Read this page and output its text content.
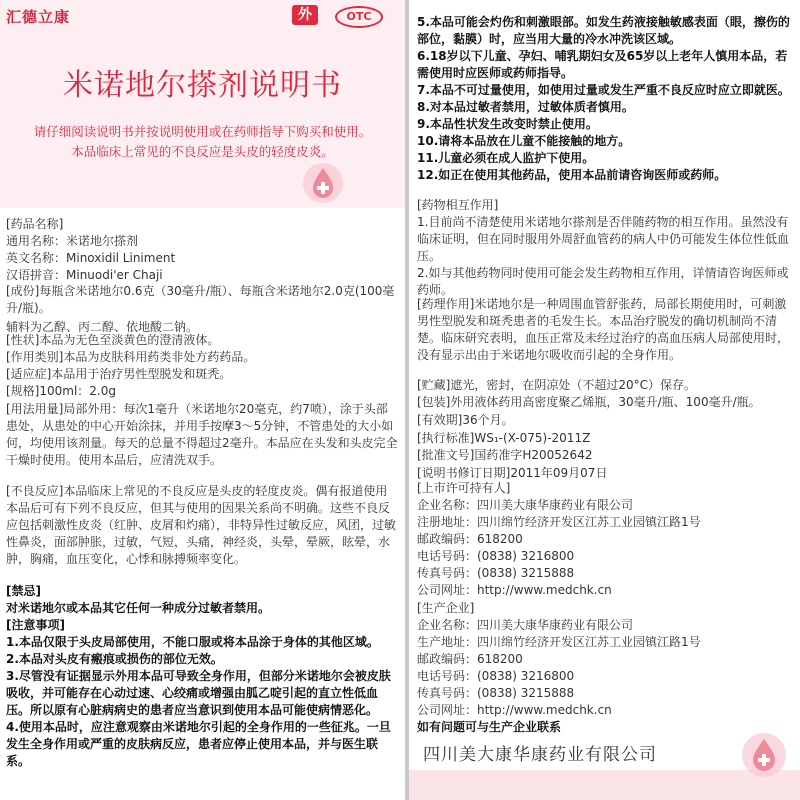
汇德立康	外	OTC
米诺地尔搽剂说明书
请仔细阅读说明书并按说明使用或在药师指导下购买和使用。
本品临床上常见的不良反应是头皮的轻度皮炎。
[药品名称]
通用名称：米诺地尔搽剂
英文名称：Minoxidil Liniment
汉语拼音：Minuodi'er Chaji
[成份]每瓶含米诺地尔0.6克（30毫升/瓶）、每瓶含米诺地尔2.0克(100毫升/瓶)。
辅料为乙醇、丙二醇、依地酸二钠。
[性状]本品为无色至淡黄色的澄清液体。
[作用类别]本品为皮肤科用药类非处方药药品。
[适应症]本品用于治疗男性型脱发和斑秃。
[规格]100ml：2.0g
[用法用量]局部外用：每次1毫升（米诺地尔20毫克，约7喷），涂于头部患处，从患处的中心开始涂抹，并用手按摩3～5分钟，不管患处的大小如何，均使用该剂量。每天的总量不得超过2毫升。本品应在头发和头皮完全干燥时使用。使用本品后，应清洗双手。
[不良反应]本品临床上常见的不良反应是头皮的轻度皮炎。偶有报道使用本品后可有下列不良反应，但其与使用的因果关系尚不明确。这些不良反应包括刺激性皮炎（红肿、皮屑和灼痛），非特异性过敏反应，风团，过敏性鼻炎，面部肿胀，过敏，气短，头痛，神经炎，头晕，晕厥，眩晕，水肿，胸痛，血压变化，心悸和脉搏频率变化。
[禁忌]
对米诺地尔或本品其它任何一种成分过敏者禁用。
[注意事项]
1.本品仅限于头皮局部使用，不能口服或将本品涂于身体的其他区域。
2.本品对头皮有瘢痕或损伤的部位无效。
3.尽管没有证据显示外用本品可导致全身作用，但部分米诺地尔会被皮肤吸收，并可能存在心动过速、心绞痛或增强由胍乙啶引起的直立性低血压。所以原有心脏病病史的患者应当意识到使用本品可能使病情恶化。
4.使用本品时，应注意观察由米诺地尔引起的全身作用的一些征兆。一旦发生全身作用或严重的皮肤病反应，患者应停止使用本品，并与医生联系。
5.本品可能会灼伤和刺激眼部。如发生药液接触敏感表面（眼，擦伤的部位，黏膜）时，应当用大量的冷水冲洗该区域。
6.18岁以下儿童、孕妇、哺乳期妇女及65岁以上老年人慎用本品，若需使用时应医师或药师指导。
7.本品不可过量使用，如使用过量或发生严重不良反应时应立即就医。
8.对本品过敏者禁用，过敏体质者慎用。
9.本品性状发生改变时禁止使用。
10.请将本品放在儿童不能接触的地方。
11.儿童必须在成人监护下使用。
12.如正在使用其他药品，使用本品前请咨询医师或药师。
[药物相互作用]
1.目前尚不清楚使用米诺地尔搽剂是否伴随药物的相互作用。虽然没有临床证明，但在同时服用外周舒血管药的病人中仍可能发生体位性低血压。
2.如与其他药物同时使用可能会发生药物相互作用，详情请咨询医师或药师。
[药理作用]米诺地尔是一种周围血管舒张药，局部长期使用时，可刺激男性型脱发和斑秃患者的毛发生长。本品治疗脱发的确切机制尚不清楚。临床研究表明，血压正常及未经过治疗的高血压病人局部使用时，没有显示出由于米诺地尔吸收而引起的全身作用。
[贮藏]遮光，密封，在阴凉处（不超过20°C）保存。
[包装]外用液体药用高密度聚乙烯瓶，30毫升/瓶、100毫升/瓶。
[有效期]36个月。
[执行标准]WS₁-(X-075)-2011Z
[批准文号]国药准字H20052642
[说明书修订日期]2011年09月07日
[上市许可持有人]
企业名称：四川美大康华康药业有限公司
注册地址：四川绵竹经济开发区江苏工业园镇江路1号
邮政编码：618200
电话号码：(0838) 3216800
传真号码：(0838) 3215888
公司网址：http://www.medchk.cn
[生产企业]
企业名称：四川美大康华康药业有限公司
生产地址：四川绵竹经济开发区江苏工业园镇江路1号
邮政编码：618200
电话号码：(0838) 3216800
传真号码：(0838) 3215888
公司网址：http://www.medchk.cn
如有问题可与生产企业联系
四川美大康华康药业有限公司
